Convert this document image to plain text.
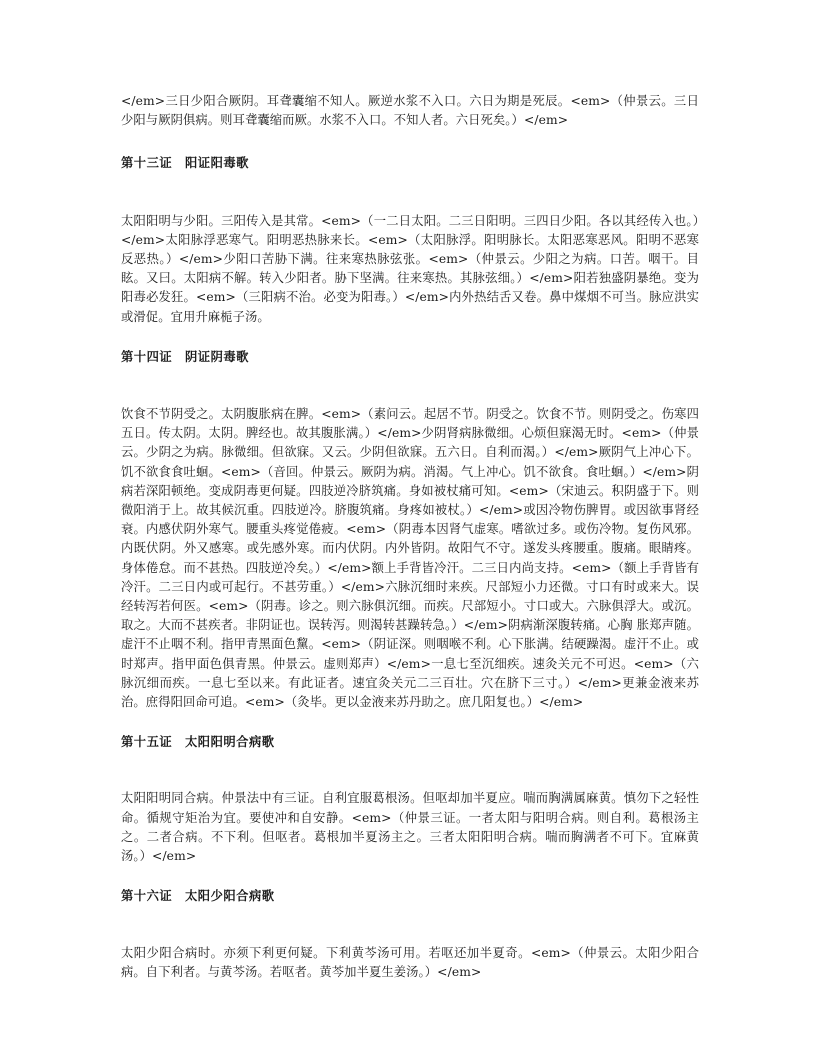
</em>三日少阳合厥阴。耳聋囊缩不知人。厥逆水浆不入口。六日为期是死辰。<em>（仲景云。三日少阳与厥阴俱病。则耳聋囊缩而厥。水浆不入口。不知人者。六日死矣。）</em>

第十三证　阳证阳毒歌

太阳阳明与少阳。三阳传入是其常。<em>（一二日太阳。二三日阳明。三四日少阳。各以其经传入也。）</em>太阳脉浮恶寒气。阳明恶热脉来长。<em>（太阳脉浮。阳明脉长。太阳恶寒恶风。阳明不恶寒反恶热。）</em>少阳口苦胁下满。往来寒热脉弦张。<em>（仲景云。少阳之为病。口苦。咽干。目眩。又曰。太阳病不解。转入少阳者。胁下坚满。往来寒热。其脉弦细。）</em>阳若独盛阴暴绝。变为阳毒必发狂。<em>（三阳病不治。必变为阳毒。）</em>内外热结舌又卷。鼻中煤烟不可当。脉应洪实或滑促。宜用升麻栀子汤。

第十四证　阴证阴毒歌

饮食不节阴受之。太阴腹胀病在脾。<em>（素问云。起居不节。阴受之。饮食不节。则阴受之。伤寒四五日。传太阴。太阴。脾经也。故其腹胀满。）</em>少阴肾病脉微细。心烦但寐渴无时。<em>（仲景云。少阴之为病。脉微细。但欲寐。又云。少阴但欲寐。五六日。自利而渴。）</em>厥阴气上冲心下。饥不欲食食吐蛔。<em>（音回。仲景云。厥阴为病。消渴。气上冲心。饥不欲食。食吐蛔。）</em>阴病若深阳顿绝。变成阴毒更何疑。四肢逆冷脐筑痛。身如被杖痛可知。<em>（宋迪云。积阴盛于下。则微阳消于上。故其候沉重。四肢逆冷。脐腹筑痛。身疼如被杖。）</em>或因冷物伤脾胃。或因欲事肾经衰。内感伏阴外寒气。腰重头疼觉倦疲。<em>（阴毒本因肾气虚寒。嗜欲过多。或伤冷物。复伤风邪。内既伏阴。外又感寒。或先感外寒。而内伏阴。内外皆阴。故阳气不守。遂发头疼腰重。腹痛。眼睛疼。身体倦怠。而不甚热。四肢逆冷矣。）</em>额上手背皆冷汗。二三日内尚支持。<em>（额上手背皆有冷汗。二三日内或可起行。不甚劳重。）</em>六脉沉细时来疾。尺部短小力还微。寸口有时或来大。误经转泻若何医。<em>（阴毒。诊之。则六脉俱沉细。而疾。尺部短小。寸口或大。六脉俱浮大。或沉。取之。大而不甚疾者。非阴证也。误转泻。则渴转甚躁转急。）</em>阴病渐深腹转痛。心胸 胀郑声随。虚汗不止咽不利。指甲青黑面色黧。<em>（阴证深。则咽喉不利。心下胀满。结硬躁渴。虚汗不止。或时郑声。指甲面色俱青黑。仲景云。虚则郑声）</em>一息七至沉细疾。速灸关元不可迟。<em>（六脉沉细而疾。一息七至以来。有此证者。速宜灸关元二三百壮。穴在脐下三寸。）</em>更兼金液来苏治。庶得阳回命可追。<em>（灸毕。更以金液来苏丹助之。庶几阳复也。）</em>

第十五证　太阳阳明合病歌

太阳阳明同合病。仲景法中有三证。自利宜服葛根汤。但呕却加半夏应。喘而胸满属麻黄。慎勿下之轻性命。循规守矩治为宜。要使冲和自安静。<em>（仲景三证。一者太阳与阳明合病。则自利。葛根汤主之。二者合病。不下利。但呕者。葛根加半夏汤主之。三者太阳阳明合病。喘而胸满者不可下。宜麻黄汤。）</em>

第十六证　太阳少阳合病歌

太阳少阳合病时。亦须下利更何疑。下利黄芩汤可用。若呕还加半夏奇。<em>（仲景云。太阳少阳合病。自下利者。与黄芩汤。若呕者。黄芩加半夏生姜汤。）</em>
